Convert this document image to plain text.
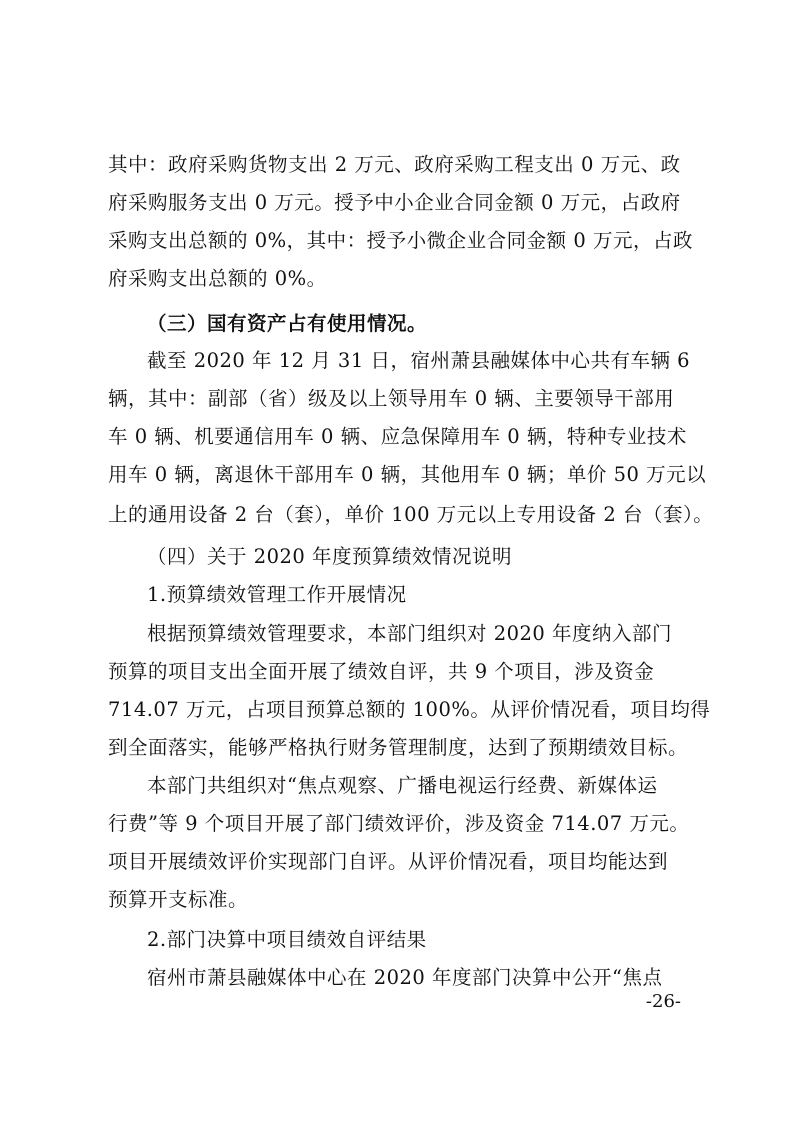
其中：政府采购货物支出 2 万元、政府采购工程支出 0 万元、政
府采购服务支出 0 万元。授予中小企业合同金额 0 万元，占政府
采购支出总额的 0%，其中：授予小微企业合同金额 0 万元，占政
府采购支出总额的 0%。
（三）国有资产占有使用情况。
截至 2020 年 12 月 31 日，宿州萧县融媒体中心共有车辆 6
辆，其中：副部（省）级及以上领导用车 0 辆、主要领导干部用
车 0 辆、机要通信用车 0 辆、应急保障用车 0 辆，特种专业技术
用车 0 辆，离退休干部用车 0 辆，其他用车 0 辆；单价 50 万元以
上的通用设备 2 台（套），单价 100 万元以上专用设备 2 台（套）。
（四）关于 2020 年度预算绩效情况说明
1.预算绩效管理工作开展情况
根据预算绩效管理要求，本部门组织对 2020 年度纳入部门
预算的项目支出全面开展了绩效自评，共 9 个项目，涉及资金
714.07 万元，占项目预算总额的 100%。从评价情况看，项目均得
到全面落实，能够严格执行财务管理制度，达到了预期绩效目标。
本部门共组织对“焦点观察、广播电视运行经费、新媒体运
行费”等 9 个项目开展了部门绩效评价，涉及资金 714.07 万元。
项目开展绩效评价实现部门自评。从评价情况看，项目均能达到
预算开支标准。
2.部门决算中项目绩效自评结果
宿州市萧县融媒体中心在 2020 年度部门决算中公开“焦点
-26-
